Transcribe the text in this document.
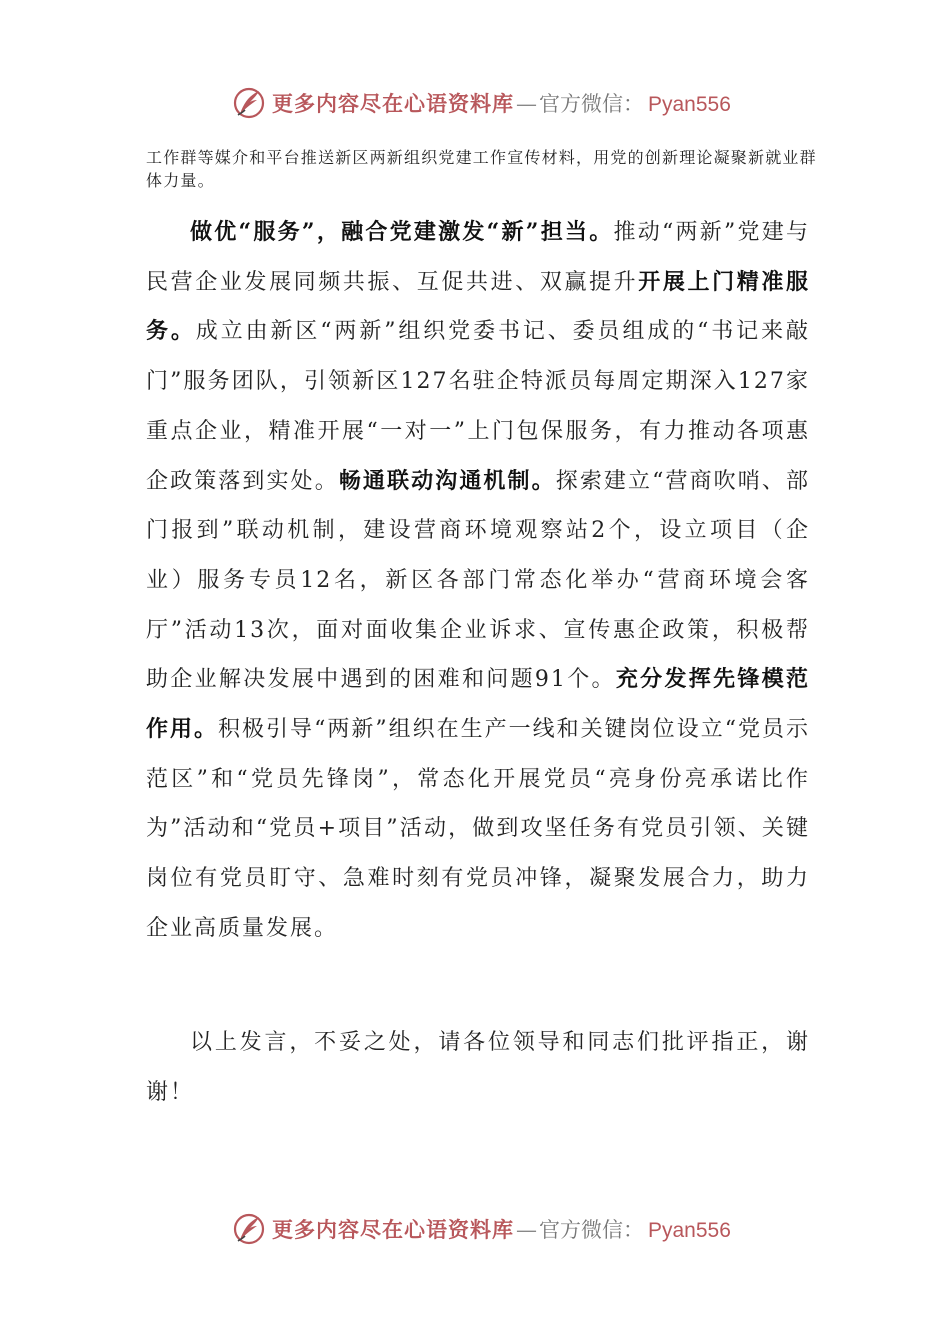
更多内容尽在心语资料库 — 官方微信： Pyan556

工作群等媒介和平台推送新区两新组织党建工作宣传材料，用党的创新理论凝聚新就业群体力量。

做优“服务”，融合党建激发“新”担当。推动“两新”党建与民营企业发展同频共振、互促共进、双赢提升开展上门精准服务。成立由新区“两新”组织党委书记、委员组成的“书记来敲门”服务团队，引领新区127名驻企特派员每周定期深入127家重点企业，精准开展“一对一”上门包保服务，有力推动各项惠企政策落到实处。畅通联动沟通机制。探索建立“营商吹哨、部门报到”联动机制，建设营商环境观察站2个，设立项目（企业）服务专员12名，新区各部门常态化举办“营商环境会客厅”活动13次，面对面收集企业诉求、宣传惠企政策，积极帮助企业解决发展中遇到的困难和问题91个。充分发挥先锋模范作用。积极引导“两新”组织在生产一线和关键岗位设立“党员示范区”和“党员先锋岗”，常态化开展党员“亮身份亮承诺比作为”活动和“党员+项目”活动，做到攻坚任务有党员引领、关键岗位有党员盯守、急难时刻有党员冲锋，凝聚发展合力，助力企业高质量发展。

以上发言，不妥之处，请各位领导和同志们批评指正，谢谢！

更多内容尽在心语资料库 — 官方微信： Pyan556
